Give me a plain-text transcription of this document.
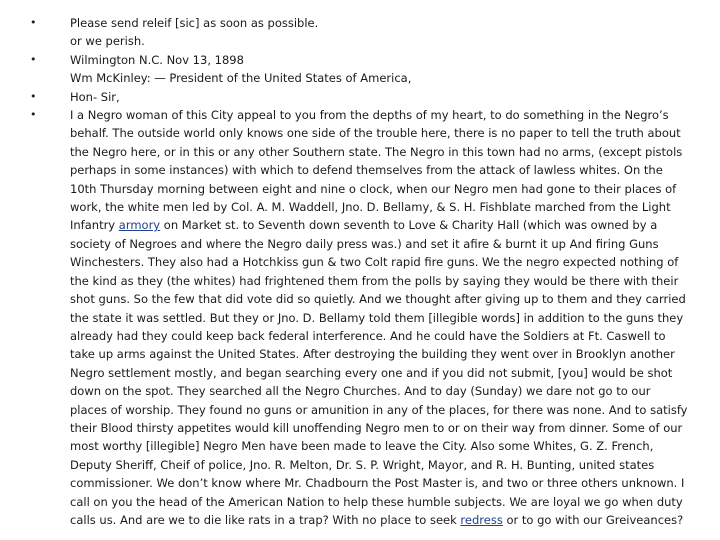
•	Please send releif [sic] as soon as possible.
or we perish.
•	Wilmington N.C. Nov 13, 1898
Wm McKinley: — President of the United States of America,
•	Hon- Sir,
•	I a Negro woman of this City appeal to you from the depths of my heart, to do something in the Negro’s behalf. The outside world only knows one side of the trouble here, there is no paper to tell the truth about the Negro here, or in this or any other Southern state. The Negro in this town had no arms, (except pistols perhaps in some instances) with which to defend themselves from the attack of lawless whites. On the 10th Thursday morning between eight and nine o clock, when our Negro men had gone to their places of work, the white men led by Col. A. M. Waddell, Jno. D. Bellamy, & S. H. Fishblate marched from the Light Infantry armory on Market st. to Seventh down seventh to Love & Charity Hall (which was owned by a society of Negroes and where the Negro daily press was.) and set it afire & burnt it up And firing Guns Winchesters. They also had a Hotchkiss gun & two Colt rapid fire guns. We the negro expected nothing of the kind as they (the whites) had frightened them from the polls by saying they would be there with their shot guns. So the few that did vote did so quietly. And we thought after giving up to them and they carried the state it was settled. But they or Jno. D. Bellamy told them [illegible words] in addition to the guns they already had they could keep back federal interference. And he could have the Soldiers at Ft. Caswell to take up arms against the United States. After destroying the building they went over in Brooklyn another Negro settlement mostly, and began searching every one and if you did not submit, [you] would be shot down on the spot. They searched all the Negro Churches. And to day (Sunday) we dare not go to our places of worship. They found no guns or amunition in any of the places, for there was none. And to satisfy their Blood thirsty appetites would kill unoffending Negro men to or on their way from dinner. Some of our most worthy [illegible] Negro Men have been made to leave the City. Also some Whites, G. Z. French, Deputy Sheriff, Cheif of police, Jno. R. Melton, Dr. S. P. Wright, Mayor, and R. H. Bunting, united states commissioner. We don’t know where Mr. Chadbourn the Post Master is, and two or three others unknown. I call on you the head of the American Nation to help these humble subjects. We are loyal we go when duty calls us. And are we to die like rats in a trap? With no place to seek redress or to go with our Greiveances?
